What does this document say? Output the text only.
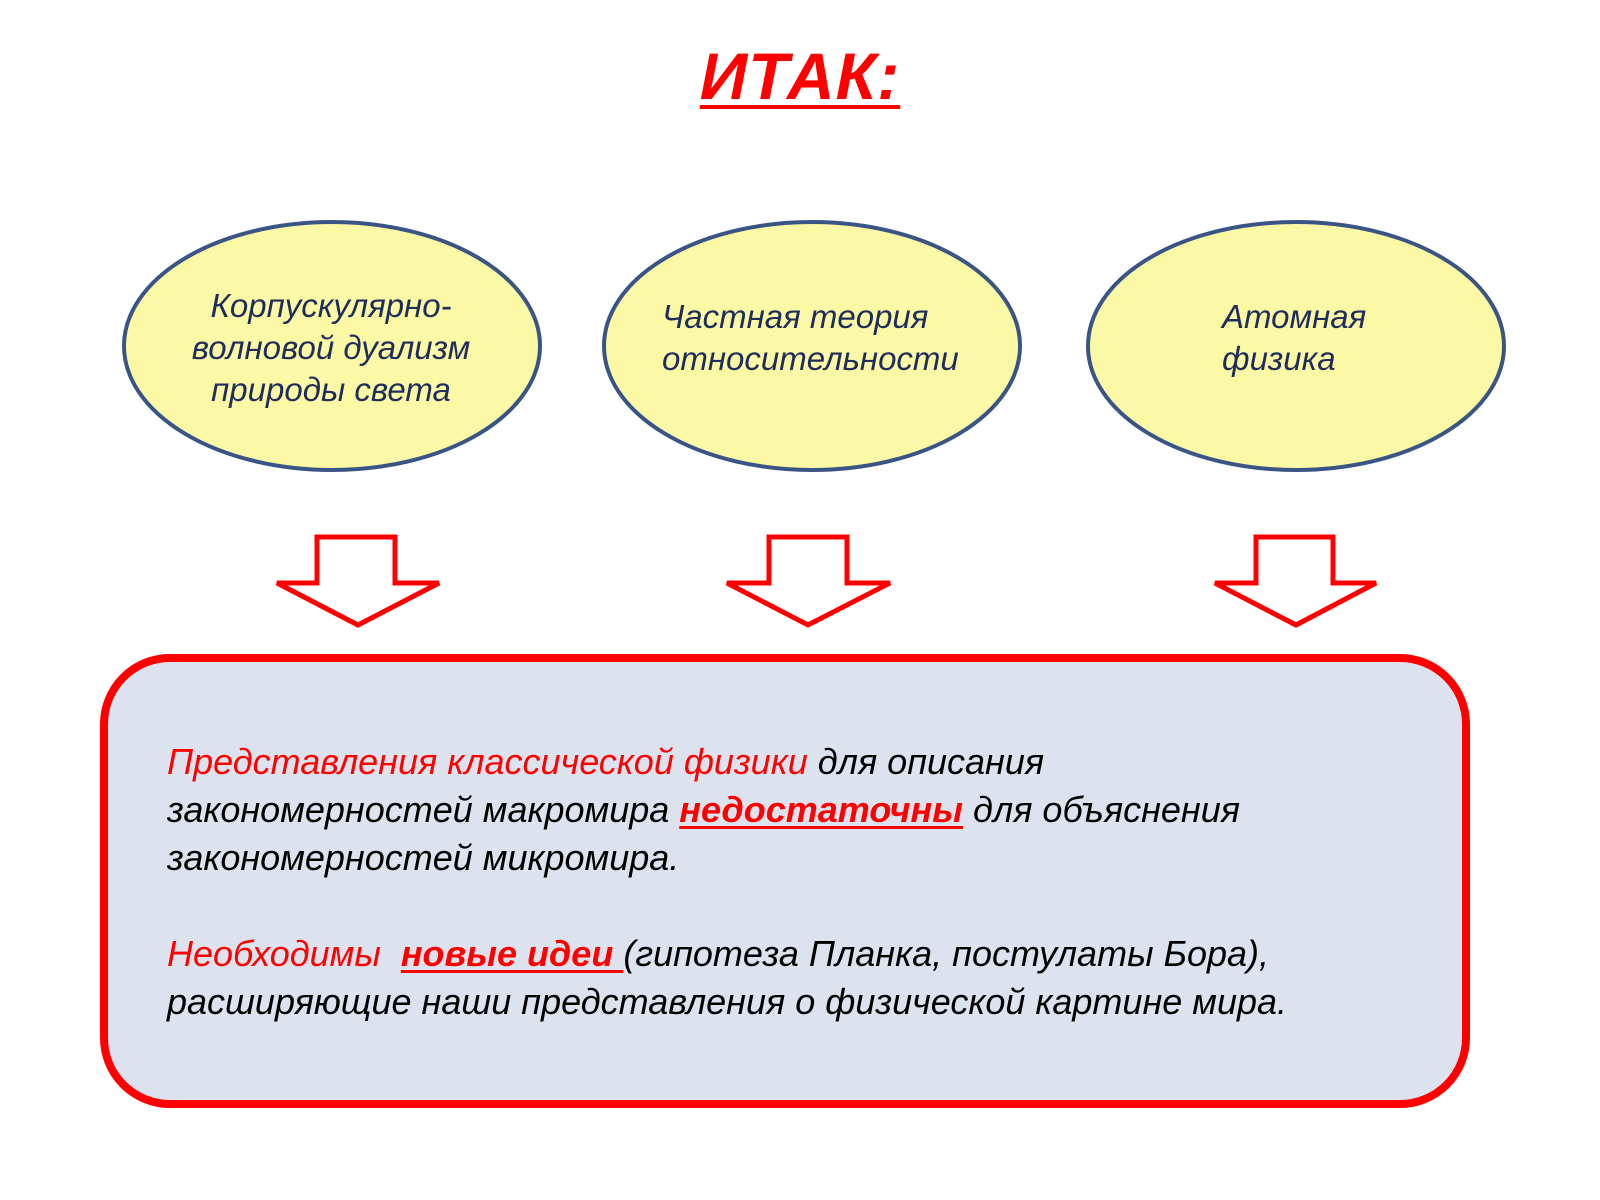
ИТАК:
Корпускулярно-
волновой дуализм
природы света
Частная теория
относительности
Атомная
физика
Представления классической физики для описания
закономерностей макромира недостаточны для объяснения
закономерностей микромира.
Необходимы  новые идеи (гипотеза Планка, постулаты Бора),
расширяющие наши представления о физической картине мира.
